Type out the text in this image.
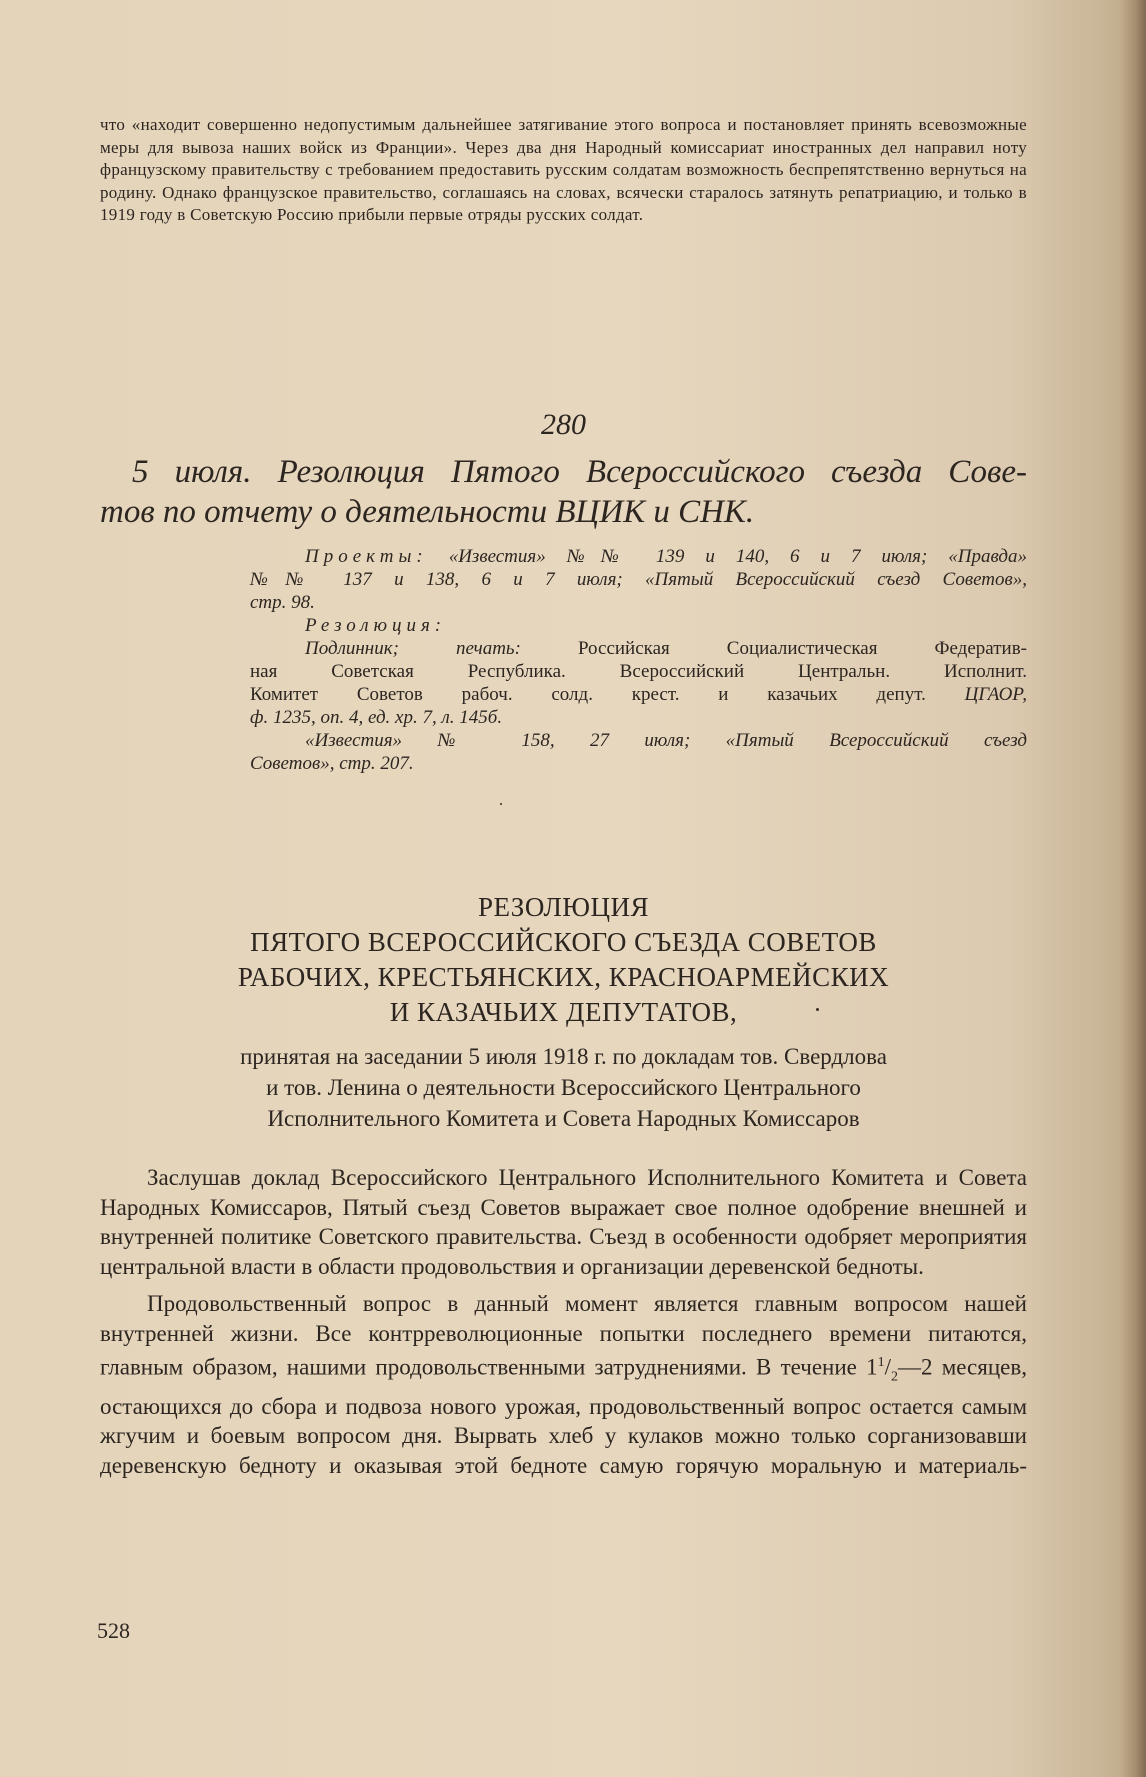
что «находит совершенно недопустимым дальнейшее затягивание этого вопроса и постановляет принять всевозможные меры для вывоза наших войск из Франции». Через два дня Народный комиссариат иностранных дел направил ноту французскому правительству с требованием предоставить русским солдатам возможность беспрепятственно вернуться на родину. Однако французское правительство, соглашаясь на словах, всячески старалось затянуть репатриацию, и только в 1919 году в Советскую Россию прибыли первые отряды русских солдат.

280
5 июля. Резолюция Пятого Всероссийского съезда Сове-
тов по отчету о деятельности ВЦИК и СНК.
Проекты: «Известия» №№ 139 и 140, 6 и 7 июля; «Правда»
№№ 137 и 138, 6 и 7 июля; «Пятый Всероссийский съезд Советов»,
стр. 98.
Резолюция:
Подлинник; печать:	Российская Социалистическая Федератив-
ная Советская Республика. Всероссийский Центральн. Исполнит.
Комитет Советов рабоч. солд. крест. и казачьих депут. ЦГАОР,
ф. 1235, оп. 4, ед. хр. 7, л. 145б.
«Известия» № 158, 27 июля; «Пятый Всероссийский съезд
Советов», стр. 207.
РЕЗОЛЮЦИЯ
ПЯТОГО ВСЕРОССИЙСКОГО СЪЕЗДА СОВЕТОВ
РАБОЧИХ, КРЕСТЬЯНСКИХ, КРАСНОАРМЕЙСКИХ
И КАЗАЧЬИХ ДЕПУТАТОВ,
принятая на заседании 5 июля 1918 г. по докладам тов. Свердлова
и тов. Ленина о деятельности Всероссийского Центрального
Исполнительного Комитета и Совета Народных Комиссаров

Заслушав доклад Всероссийского Центрального Исполнительного Комитета и Совета Народных Комиссаров, Пятый съезд Советов выражает свое полное одобрение внешней и внутренней политике Советского правительства. Съезд в особенности одобряет мероприятия центральной власти в области продовольствия и организации деревенской бедноты.

Продовольственный вопрос в данный момент является главным вопросом нашей внутренней жизни. Все контрреволюционные попытки последнего времени питаются, главным образом, нашими продовольственными затруднениями. В течение $1^1/_2—2$ месяцев, остающихся до сбора и подвоза нового урожая, продовольственный вопрос остается самым жгучим и боевым вопросом дня. Вырвать хлеб у кулаков можно только сорганизовавши деревенскую бедноту и оказывая этой бедноте самую горячую моральную и материаль-

528
